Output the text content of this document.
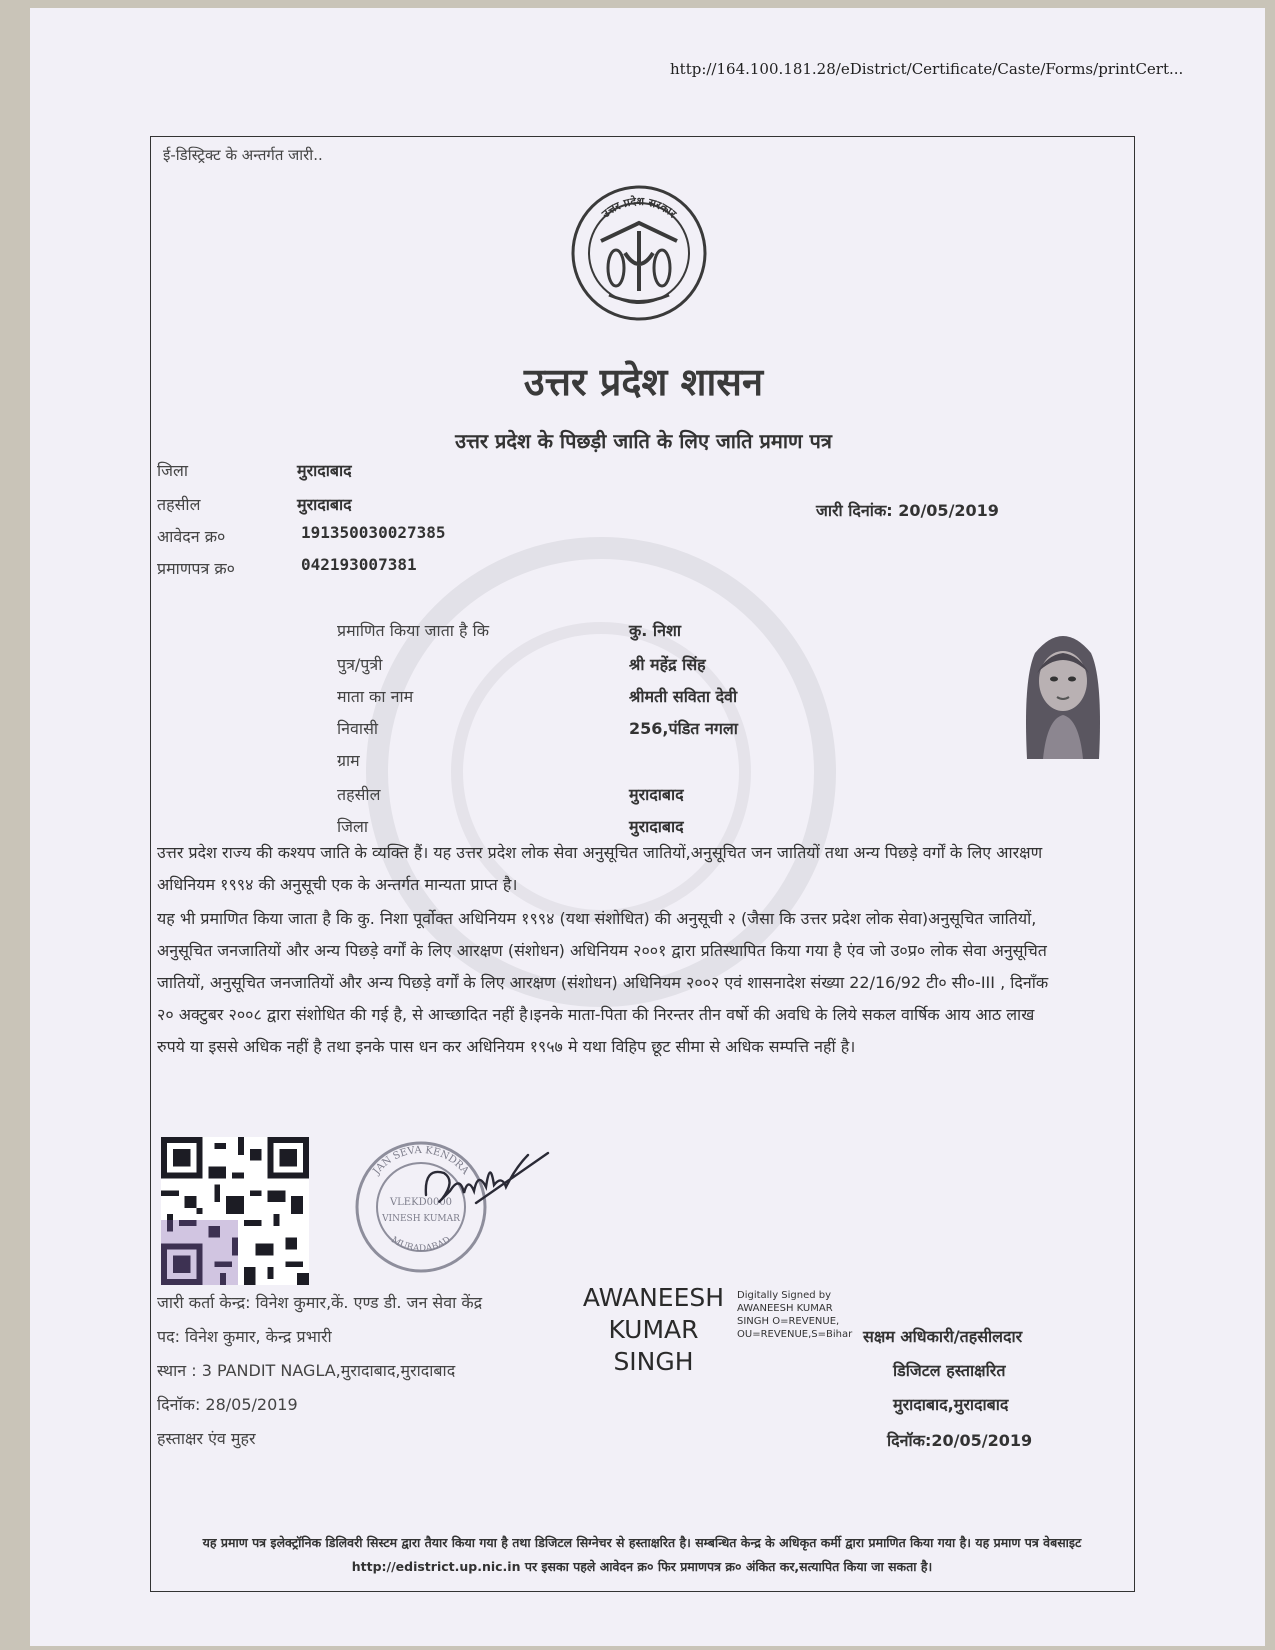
http://164.100.181.28/eDistrict/Certificate/Caste/Forms/printCert...
ई-डिस्ट्रिक्ट के अन्तर्गत जारी..
उत्तर प्रदेश सरकार
उत्तर प्रदेश शासन
उत्तर प्रदेश के पिछड़ी जाति के लिए जाति प्रमाण पत्र
जिला	मुरादाबाद
तहसील	मुरादाबाद
आवेदन क्र०	191350030027385
प्रमाणपत्र क्र०	042193007381
जारी दिनांक: 20/05/2019
प्रमाणित किया जाता है कि	कु. निशा
पुत्र/पुत्री	श्री महेंद्र सिंह
माता का नाम	श्रीमती सविता देवी
निवासी	256,पंडित नगला
ग्राम
तहसील	मुरादाबाद
जिला	मुरादाबाद
उत्तर प्रदेश राज्य की कश्यप जाति के व्यक्ति हैं। यह उत्तर प्रदेश लोक सेवा अनुसूचित जातियों,अनुसूचित जन जातियों तथा अन्य पिछड़े वर्गों के लिए आरक्षण अधिनियम १९९४ की अनुसूची एक के अन्तर्गत मान्यता प्राप्त है।
यह भी प्रमाणित किया जाता है कि कु. निशा पूर्वोक्त अधिनियम १९९४ (यथा संशोधित) की अनुसूची २ (जैसा कि उत्तर प्रदेश लोक सेवा)अनुसूचित जातियों, अनुसूचित जनजातियों और अन्य पिछड़े वर्गों के लिए आरक्षण (संशोधन) अधिनियम २००१ द्वारा प्रतिस्थापित किया गया है एंव जो उ०प्र० लोक सेवा अनुसूचित जातियों, अनुसूचित जनजातियों और अन्य पिछड़े वर्गों के लिए आरक्षण (संशोधन) अधिनियम २००२ एवं शासनादेश संख्या 22/16/92 टी० सी०-III , दिनाँक २० अक्टुबर २००८ द्वारा संशोधित की गई है, से आच्छादित नहीं है।इनके माता-पिता की निरन्तर तीन वर्षो की अवधि के लिये सकल वार्षिक आय आठ लाख रुपये या इससे अधिक नहीं है तथा इनके पास धन कर अधिनियम १९५७ मे यथा विहिप छूट सीमा से अधिक सम्पत्ति नहीं है।
JAN SEVA KENDRA
MURADABAD
VLEKD0000
VINESH KUMAR
जारी कर्ता केन्द्र: विनेश कुमार,कें. एण्ड डी. जन सेवा केंद्र
पद: विनेश कुमार, केन्द्र प्रभारी
स्थान : 3 PANDIT NAGLA,मुरादाबाद,मुरादाबाद
दिनॉक: 28/05/2019
हस्ताक्षर एंव मुहर
AWANEESH KUMAR SINGH
Digitally Signed by AWANEESH KUMAR SINGH O=REVENUE, OU=REVENUE,S=Bihar सक्षम अधिकारी/तहसीलदार
डिजिटल हस्ताक्षरित
मुरादाबाद,मुरादाबाद
दिनॉक:20/05/2019
यह प्रमाण पत्र इलेक्ट्रॉनिक डिलिवरी सिस्टम द्वारा तैयार किया गया है तथा डिजिटल सिग्नेचर से हस्ताक्षरित है। सम्बन्धित केन्द्र के अधिकृत कर्मी द्वारा प्रमाणित किया गया है। यह प्रमाण पत्र वेबसाइट http://edistrict.up.nic.in पर इसका पहले आवेदन क्र० फिर प्रमाणपत्र क्र० अंकित कर,सत्यापित किया जा सकता है।
